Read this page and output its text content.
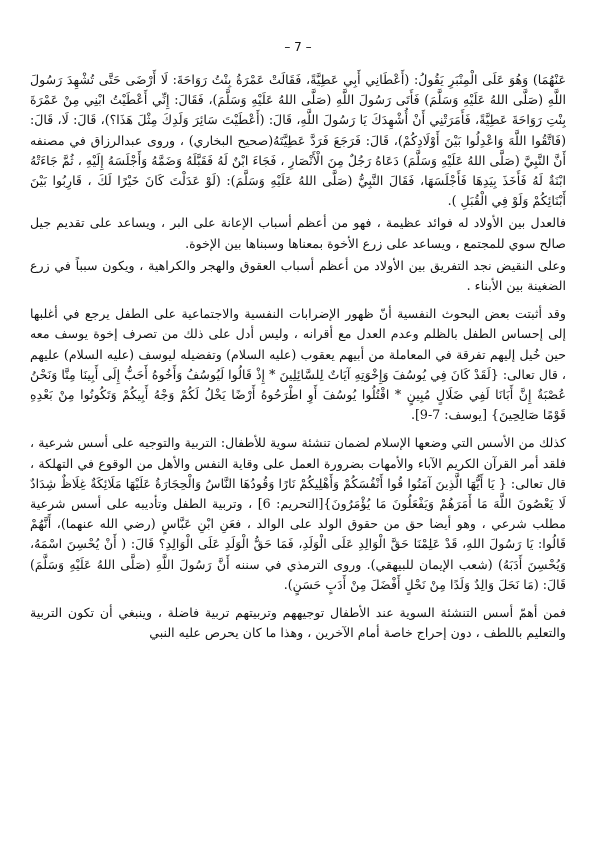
– 7 –

عَنْهُمَا) وَهُوَ عَلَى الْمِنْبَرِ يَقُولُ: (أَعْطَانِي أَبِي عَطِيَّةً، فَقَالَتْ عَمْرَةُ بِنْتُ رَوَاحَةَ: لَا أَرْضَى حَتَّى تُشْهِدَ رَسُولَ اللَّهِ (صَلَّى اللهُ عَلَيْهِ وَسَلَّمَ) فَأَتَى رَسُولَ اللَّهِ (صَلَّى اللهُ عَلَيْهِ وَسَلَّمَ)، فَقَالَ: إِنِّي أَعْطَيْتُ ابْنِي مِنْ عَمْرَةَ بِنْتِ رَوَاحَةَ عَطِيَّةً، فَأَمَرَتْنِي أَنْ أُشْهِدَكَ يَا رَسُولَ اللَّهِ، قَالَ: (أَعْطَيْتَ سَائِرَ وَلَدِكَ مِثْلَ هَذَا؟)، قَالَ: لَا، قَالَ: (فَاتَّقُوا اللَّهَ وَاعْدِلُوا بَيْنَ أَوْلَادِكُمْ)، قَالَ: فَرَجَعَ فَرَدَّ عَطِيَّتَهُ(صحيح البخاري) ، وروى عبدالرزاق في مصنفه أَنَّ النَّبِيَّ (صَلَّى اللهُ عَلَيْهِ وَسَلَّمَ) دَعَاهُ رَجُلٌ مِنَ الْأَنْصَارِ ، فَجَاءَ ابْنٌ لَهُ فَقَبَّلَهُ وَضَمَّهُ وَأَجْلَسَهُ إِلَيْهِ ، ثُمَّ جَاءَتْهُ ابْنَةٌ لَهُ فَأَخَذَ بِيَدِهَا فَأَجْلَسَهَا، فَقَالَ النَّبِيُّ (صَلَّى اللهُ عَلَيْهِ وَسَلَّمَ): (لَوْ عَدَلْتَ كَانَ خَيْرًا لَكَ ، قَارِبُوا بَيْنَ أَبْنَائِكُمْ وَلَوْ فِي الْقُبَلِ ).

فالعدل بين الأولاد له فوائد عظيمة ، فهو من أعظم أسباب الإعانة على البر ، ويساعد على تقديم جيل صالح سوي للمجتمع ، ويساعد على زرع الأخوة بمعناها وسبناها بين الإخوة.

وعلى النقيض نجد التفريق بين الأولاد من أعظم أسباب العقوق والهجر والكراهية ، ويكون سبباً في زرع الضغينة بين الأبناء .

وقد أثبتت بعض البحوث النفسية أنّ ظهور الإضرابات النفسية والاجتماعية على الطفل يرجع في أغلبها إلى إحساس الطفل بالظلم وعدم العدل مع أقرانه ، وليس أدل على ذلك من تصرف إخوة يوسف معه حين خُيل إليهم تفرقة في المعاملة من أبيهم يعقوب (عليه السلام) وتفضيله ليوسف (عليه السلام) عليهم ، قال تعالى: {لَقَدْ كَانَ فِي يُوسُفَ وَإِخْوَتِهِ آيَاتٌ لِلسَّائِلِينَ * إِذْ قَالُوا لَيُوسُفُ وَأَخُوهُ أَحَبُّ إِلَى أَبِينَا مِنَّا وَنَحْنُ عُصْبَةٌ إِنَّ أَبَانَا لَفِي ضَلَالٍ مُبِينٍ * اقْتُلُوا يُوسُفَ أَوِ اطْرَحُوهُ أَرْضًا يَخْلُ لَكُمْ وَجْهُ أَبِيكُمْ وَتَكُونُوا مِنْ بَعْدِهِ قَوْمًا صَالِحِينَ} [يوسف: 7-9].

كذلك من الأسس التي وضعها الإسلام لضمان تنشئة سوية للأطفال: التربية والتوجيه على أسس شرعية ، فلقد أمر القرآن الكريم الآباء والأمهات بضرورة العمل على وقاية النفس والأهل من الوقوع في التهلكة ، قال تعالى: { يَا أَيُّهَا الَّذِينَ آمَنُوا قُوا أَنْفُسَكُمْ وَأَهْلِيكُمْ نَارًا وَقُودُهَا النَّاسُ وَالْحِجَارَةُ عَلَيْهَا مَلَائِكَةٌ غِلَاظٌ شِدَادٌ لَا يَعْصُونَ اللَّهَ مَا أَمَرَهُمْ وَيَفْعَلُونَ مَا يُؤْمَرُونَ}[التحريم: 6] ، وتربية الطفل وتأديبه على أسس شرعية مطلب شرعي ، وهو أيضا حق من حقوق الولد على الوالد ، فعَنِ ابْنِ عَبَّاسٍ (رضي الله عنهما)، أَنَّهُمْ قَالُوا: يَا رَسُولَ اللهِ، قَدْ عَلِمْنَا حَقَّ الْوَالِدِ عَلَى الْوَلَدِ، فَمَا حَقُّ الْوَلَدِ عَلَى الْوَالِدِ؟ قَالَ: ( أَنْ يُحْسِنَ اسْمَهُ، وَيُحْسِنَ أَدَبَهُ) (شعب الإيمان للبيهقي). وروى الترمذي في سننه أَنَّ رَسُولَ اللَّهِ (صَلَّى اللهُ عَلَيْهِ وَسَلَّمَ) قَالَ: (مَا نَحَلَ وَالِدٌ وَلَدًا مِنْ نَحْلٍ أَفْضَلَ مِنْ أَدَبٍ حَسَنٍ).

فمن أهمّ أسس التنشئة السوية عند الأطفال توجيههم وتربيتهم تربية فاضلة ، وينبغي أن تكون التربية والتعليم باللطف ، دون إحراج خاصة أمام الآخرين ، وهذا ما كان يحرص عليه النبي
